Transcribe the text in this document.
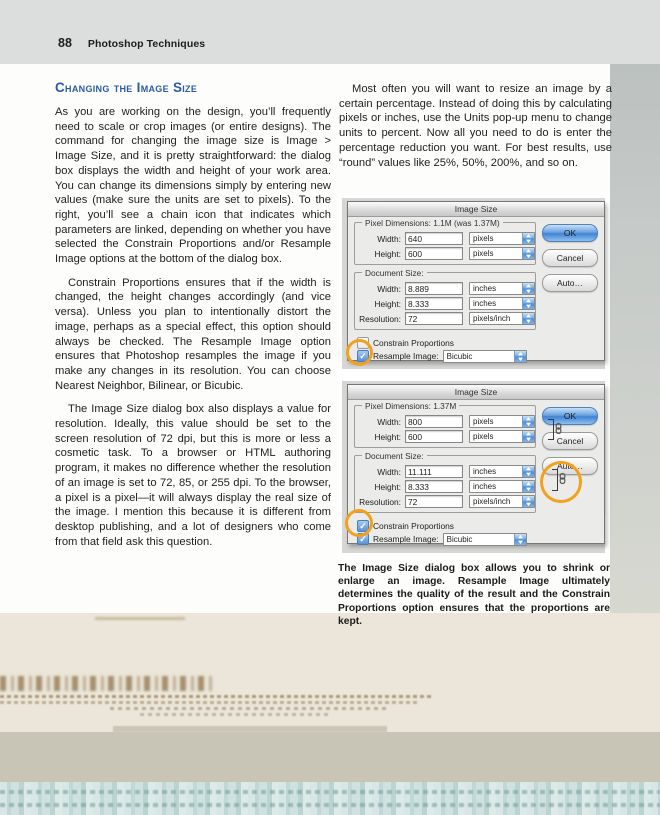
88 Photoshop Techniques
Changing the Image Size

As you are working on the design, you’ll frequently need to scale or crop images (or entire designs). The command for changing the image size is Image > Image Size, and it is pretty straightforward: the dialog box displays the width and height of your work area. You can change its dimensions simply by entering new values (make sure the units are set to pixels). To the right, you’ll see a chain icon that indicates which parameters are linked, depending on whether you have selected the Constrain Proportions and/or Resample Image options at the bottom of the dialog box.

Constrain Proportions ensures that if the width is changed, the height changes accordingly (and vice versa). Unless you plan to intentionally distort the image, perhaps as a special effect, this option should always be checked. The Resample Image option ensures that Photoshop resamples the image if you make any changes in its resolution. You can choose Nearest Neighbor, Bilinear, or Bicubic.

The Image Size dialog box also displays a value for resolution. Ideally, this value should be set to the screen resolution of 72 dpi, but this is more or less a cosmetic task. To a browser or HTML authoring program, it makes no difference whether the resolution of an image is set to 72, 85, or 255 dpi. To the browser, a pixel is a pixel—it will always display the real size of the image. I mention this because it is different from desktop publishing, and a lot of designers who come from that field ask this question.

Most often you will want to resize an image by a certain percentage. Instead of doing this by calculating pixels or inches, use the Units pop-up menu to change units to percent. Now all you need to do is enter the percentage reduction you want. For best results, use “round” values like 25%, 50%, 200%, and so on.

Image Size
Pixel Dimensions: 1.1M (was 1.37M)
Width:
640	pixels
Height:
600	pixels
Document Size:
Width:
8.889	inches
Height:
8.333	inches
Resolution:
72	pixels/inch
Constrain Proportions
✓ Resample Image: Bicubic
OK
Cancel
Auto…
Image Size
Pixel Dimensions: 1.37M
Width:
800	pixels
Height:
600	pixels
Document Size:
Width:
11.111	inches
Height:
8.333	inches
Resolution:
72	pixels/inch
✓ Constrain Proportions
✓ Resample Image: Bicubic
OK
Cancel
Auto…
The Image Size dialog box allows you to shrink or enlarge an image. Resample Image ultimately determines the quality of the result and the Constrain Proportions option ensures that the proportions are kept.
